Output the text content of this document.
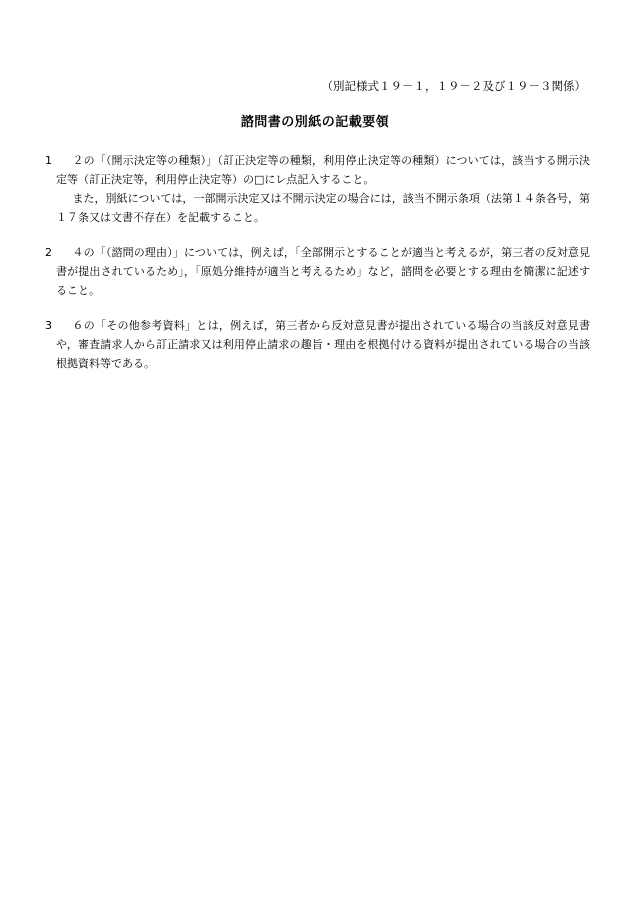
（別記様式１９－１，１９－２及び１９－３関係）
諮問書の別紙の記載要領
1	２の「（開示決定等の種類）」（訂正決定等の種類，利用停止決定等の種類）については，該当する開示決定等（訂正決定等，利用停止決定等）の□にレ点記入すること。

また，別紙については，一部開示決定又は不開示決定の場合には，該当不開示条項（法第１４条各号，第１７条又は文書不存在）を記載すること。

2	４の「（諮問の理由）」については，例えば，「全部開示とすることが適当と考えるが，第三者の反対意見書が提出されているため」，「原処分維持が適当と考えるため」など，諮問を必要とする理由を簡潔に記述すること。

3	６の「その他参考資料」とは，例えば，第三者から反対意見書が提出されている場合の当該反対意見書や，審査請求人から訂正請求又は利用停止請求の趣旨・理由を根拠付ける資料が提出されている場合の当該根拠資料等である。
